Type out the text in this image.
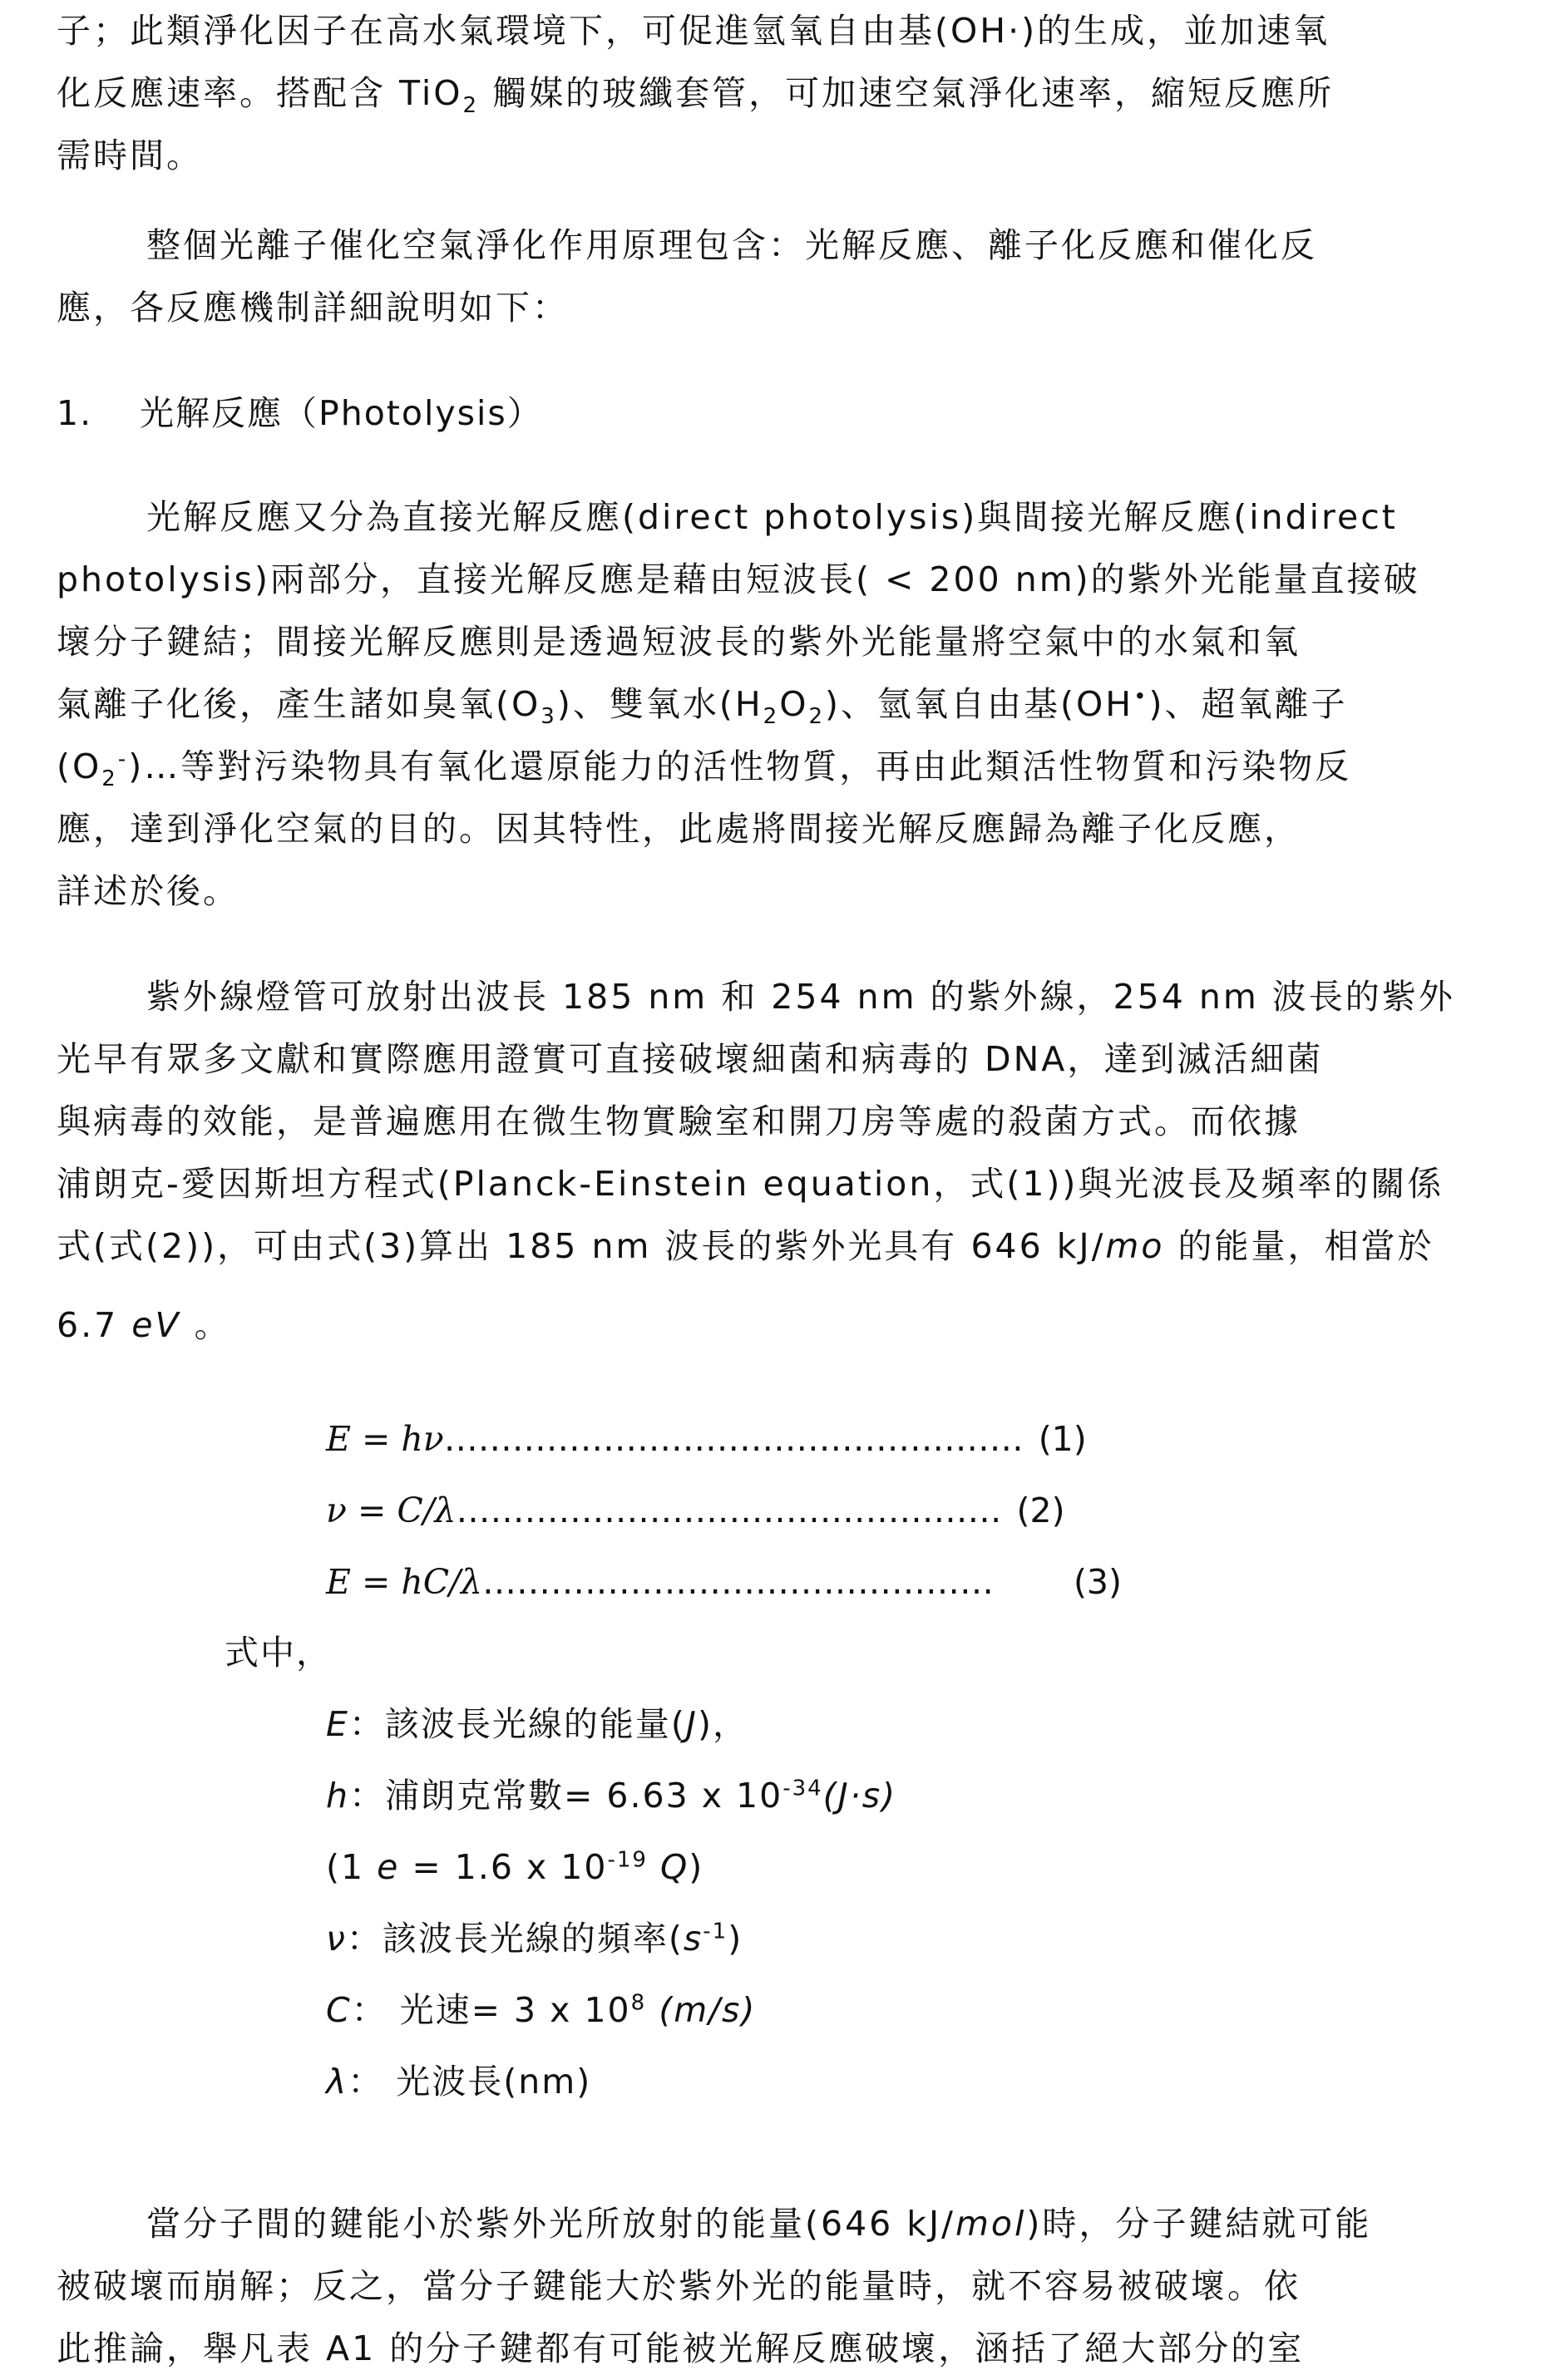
子；此類淨化因子在高水氣環境下，可促進氫氧自由基(OH·)的生成，並加速氧
化反應速率。搭配含 TiO$_2$ 觸媒的玻纖套管，可加速空氣淨化速率，縮短反應所
需時間。
整個光離子催化空氣淨化作用原理包含：光解反應、離子化反應和催化反
應，各反應機制詳細說明如下：
1. 光解反應（Photolysis）
光解反應又分為直接光解反應(direct photolysis)與間接光解反應(indirect
photolysis)兩部分，直接光解反應是藉由短波長( < 200 nm)的紫外光能量直接破
壞分子鍵結；間接光解反應則是透過短波長的紫外光能量將空氣中的水氣和氧
氣離子化後，產生諸如臭氧$(O_3)$、雙氧水$(H_2O_2)$、氫氧自由基(OH•)、超氧離子
$(O_2^-)\dots$等對污染物具有氧化還原能力的活性物質，再由此類活性物質和污染物反
應，達到淨化空氣的目的。因其特性，此處將間接光解反應歸為離子化反應，
詳述於後。
紫外線燈管可放射出波長 185 nm 和 254 nm 的紫外線，254 nm 波長的紫外
光早有眾多文獻和實際應用證實可直接破壞細菌和病毒的 DNA，達到滅活細菌
與病毒的效能，是普遍應用在微生物實驗室和開刀房等處的殺菌方式。而依據
浦朗克-愛因斯坦方程式(Planck-Einstein equation，式(1))與光波長及頻率的關係
式(式(2))，可由式(3)算出 185 nm 波長的紫外光具有 646 kJ/mo 的能量，相當於
6.7 eV 。
E = hν…………………………………………… (1)
ν = C/λ………………………………………… (2)
E = hC/λ……………………………………… (3)
式中，
E：該波長光線的能量(J)，
h：浦朗克常數= 6.63 x $10^{-34}(J\cdot s)$
(1 e = 1.6 x $10^{-19}$ Q)
ν：該波長光線的頻率$(s^{-1})$
C： 光速= 3 x $10^8$ (m/s)
λ： 光波長(nm)
當分子間的鍵能小於紫外光所放射的能量(646 kJ/mol)時，分子鍵結就可能
被破壞而崩解；反之，當分子鍵能大於紫外光的能量時，就不容易被破壞。依
此推論，舉凡表 A1 的分子鍵都有可能被光解反應破壞，涵括了絕大部分的室
